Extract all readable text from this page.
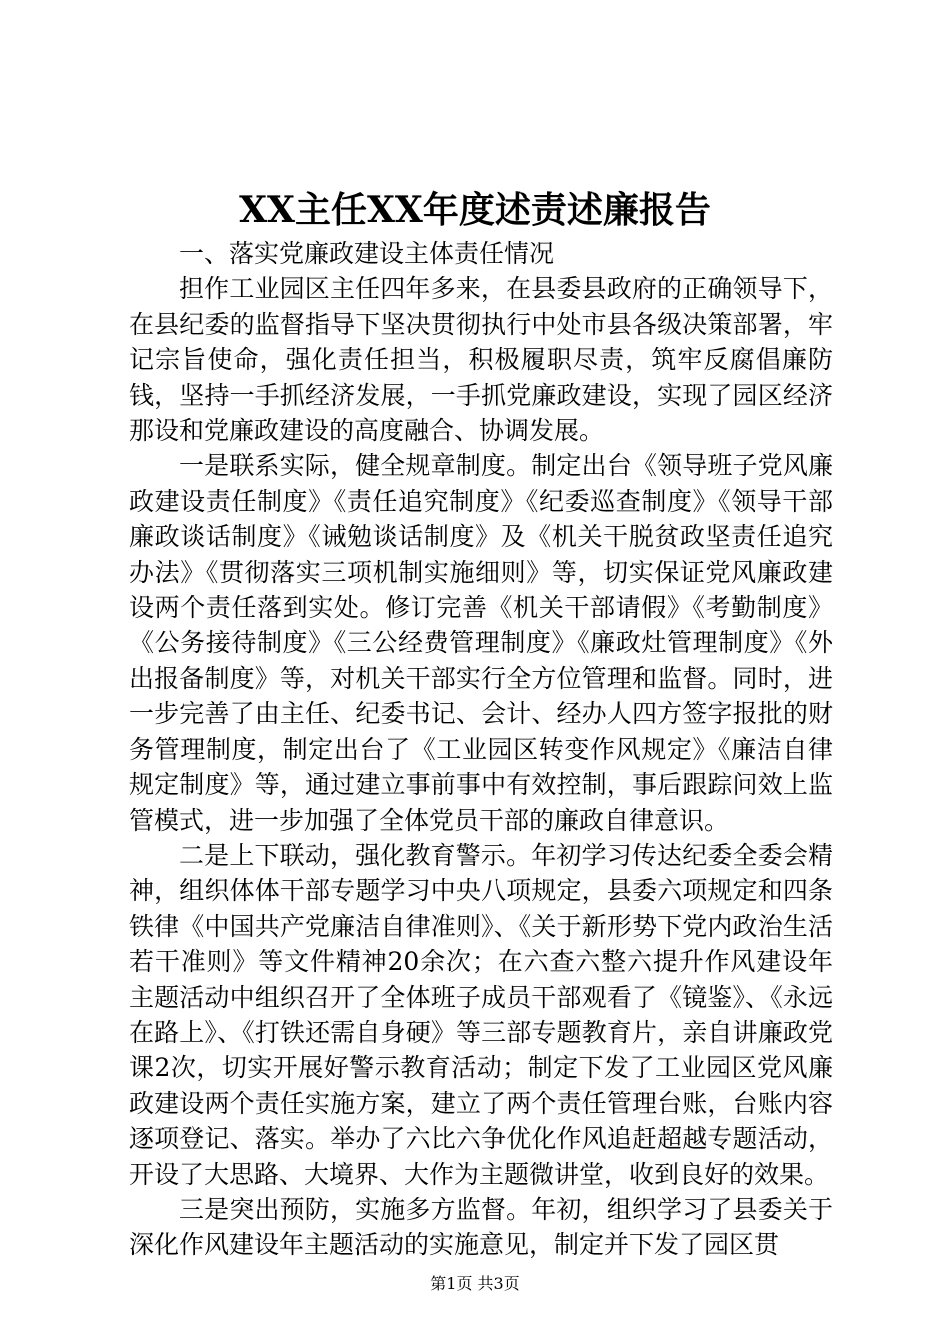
XX主任XX年度述责述廉报告

一、落实党廉政建设主体责任情况

担作工业园区主任四年多来，在县委县政府的正确领导下，在县纪委的监督指导下坚决贯彻执行中处市县各级决策部署，牢记宗旨使命，强化责任担当，积极履职尽责，筑牢反腐倡廉防钱，坚持一手抓经济发展，一手抓党廉政建设，实现了园区经济那设和党廉政建设的高度融合、协调发展。

一是联系实际，健全规章制度。制定出台《领导班子党风廉政建设责任制度》《责任追究制度》《纪委巡查制度》《领导干部廉政谈话制度》《诫勉谈话制度》及《机关干脱贫政坚责任追究办法》《贯彻落实三项机制实施细则》等，切实保证党风廉政建设两个责任落到实处。修订完善《机关干部请假》《考勤制度》《公务接待制度》《三公经费管理制度》《廉政灶管理制度》《外出报备制度》等，对机关干部实行全方位管理和监督。同时，进一步完善了由主任、纪委书记、会计、经办人四方签字报批的财务管理制度，制定出台了《工业园区转变作风规定》《廉洁自律规定制度》等，通过建立事前事中有效控制，事后跟踪问效上监管模式，进一步加强了全体党员干部的廉政自律意识。

二是上下联动，强化教育警示。年初学习传达纪委全委会精神，组织体体干部专题学习中央八项规定，县委六项规定和四条铁律《中国共产党廉洁自律准则》、《关于新形势下党内政治生活若干准则》等文件精神20余次；在六查六整六提升作风建设年主题活动中组织召开了全体班子成员干部观看了《镜鉴》、《永远在路上》、《打铁还需自身硬》等三部专题教育片，亲自讲廉政党课2次，切实开展好警示教育活动；制定下发了工业园区党风廉政建设两个责任实施方案，建立了两个责任管理台账，台账内容逐项登记、落实。举办了六比六争优化作风追赶超越专题活动，开设了大思路、大境界、大作为主题微讲堂，收到良好的效果。

三是突出预防，实施多方监督。年初，组织学习了县委关于深化作风建设年主题活动的实施意见，制定并下发了园区贯

第1页 共3页
